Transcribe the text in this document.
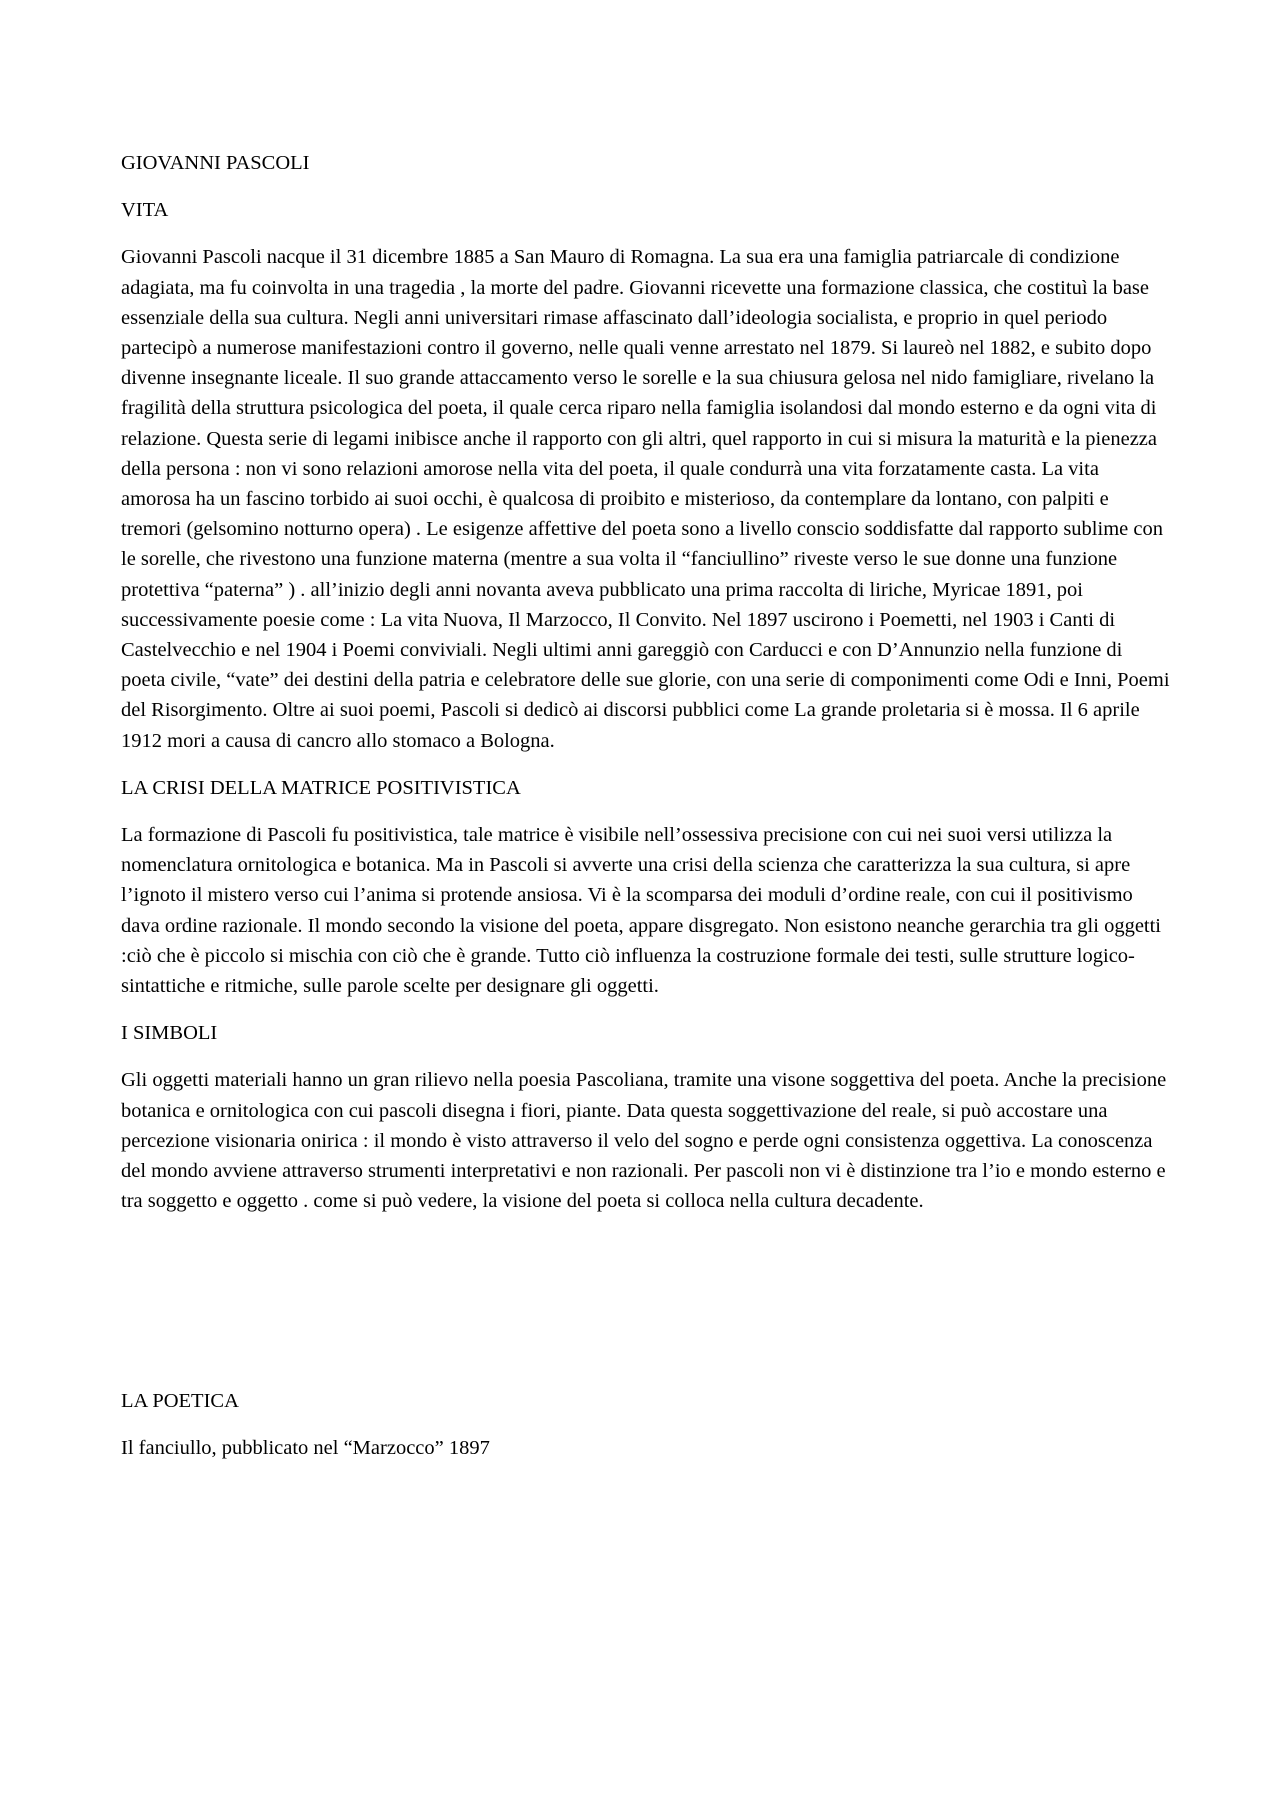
GIOVANNI PASCOLI

VITA

Giovanni Pascoli nacque il 31 dicembre 1885 a San Mauro di Romagna. La sua era una famiglia patriarcale di condizione adagiata, ma fu coinvolta in una tragedia , la morte del padre. Giovanni ricevette una formazione classica, che costituì la base essenziale della sua cultura. Negli anni universitari rimase affascinato dall’ideologia socialista, e proprio in quel periodo partecipò a numerose manifestazioni contro il governo, nelle quali venne arrestato nel 1879. Si laureò nel 1882, e subito dopo divenne insegnante liceale. Il suo grande attaccamento verso le sorelle e la sua chiusura gelosa nel nido famigliare, rivelano la fragilità della struttura psicologica del poeta, il quale cerca riparo nella famiglia isolandosi dal mondo esterno e da ogni vita di relazione. Questa serie di legami inibisce anche il rapporto con gli altri, quel rapporto in cui si misura la maturità e la pienezza della persona : non vi sono relazioni amorose nella vita del poeta, il quale condurrà una vita forzatamente casta. La vita amorosa ha un fascino torbido ai suoi occhi, è qualcosa di proibito e misterioso, da contemplare da lontano, con palpiti e tremori (gelsomino notturno opera) . Le esigenze affettive del poeta sono a livello conscio soddisfatte dal rapporto sublime con le sorelle, che rivestono una funzione materna (mentre a sua volta il “fanciullino” riveste verso le sue donne una funzione protettiva “paterna” ) . all’inizio degli anni novanta aveva pubblicato una prima raccolta di liriche, Myricae 1891, poi successivamente poesie come : La vita Nuova, Il Marzocco, Il Convito. Nel 1897 uscirono i Poemetti, nel 1903 i Canti di Castelvecchio e nel 1904 i Poemi conviviali. Negli ultimi anni gareggiò con Carducci e con D’Annunzio nella funzione di poeta civile, “vate” dei destini della patria e celebratore delle sue glorie, con una serie di componimenti come Odi e Inni, Poemi del Risorgimento. Oltre ai suoi poemi, Pascoli si dedicò ai discorsi pubblici come La grande proletaria si è mossa. Il 6 aprile 1912 mori a causa di cancro allo stomaco a Bologna.

LA CRISI DELLA MATRICE POSITIVISTICA

La formazione di Pascoli fu positivistica, tale matrice è visibile nell’ossessiva precisione con cui nei suoi versi utilizza la nomenclatura ornitologica e botanica. Ma in Pascoli si avverte una crisi della scienza che caratterizza la sua cultura, si apre l’ignoto il mistero verso cui l’anima si protende ansiosa. Vi è la scomparsa dei moduli d’ordine reale, con cui il positivismo dava ordine razionale. Il mondo secondo la visione del poeta, appare disgregato. Non esistono neanche gerarchia tra gli oggetti :ciò che è piccolo si mischia con ciò che è grande. Tutto ciò influenza la costruzione formale dei testi, sulle strutture logico-sintattiche e ritmiche, sulle parole scelte per designare gli oggetti.

I SIMBOLI

Gli oggetti materiali hanno un gran rilievo nella poesia Pascoliana, tramite una visone soggettiva del poeta. Anche la precisione botanica e ornitologica con cui pascoli disegna i fiori, piante. Data questa soggettivazione del reale, si può accostare una percezione visionaria onirica : il mondo è visto attraverso il velo del sogno e perde ogni consistenza oggettiva. La conoscenza del mondo avviene attraverso strumenti interpretativi e non razionali. Per pascoli non vi è distinzione tra l’io e mondo esterno e tra soggetto e oggetto . come si può vedere, la visione del poeta si colloca nella cultura decadente.

LA POETICA

Il fanciullo, pubblicato nel “Marzocco” 1897
